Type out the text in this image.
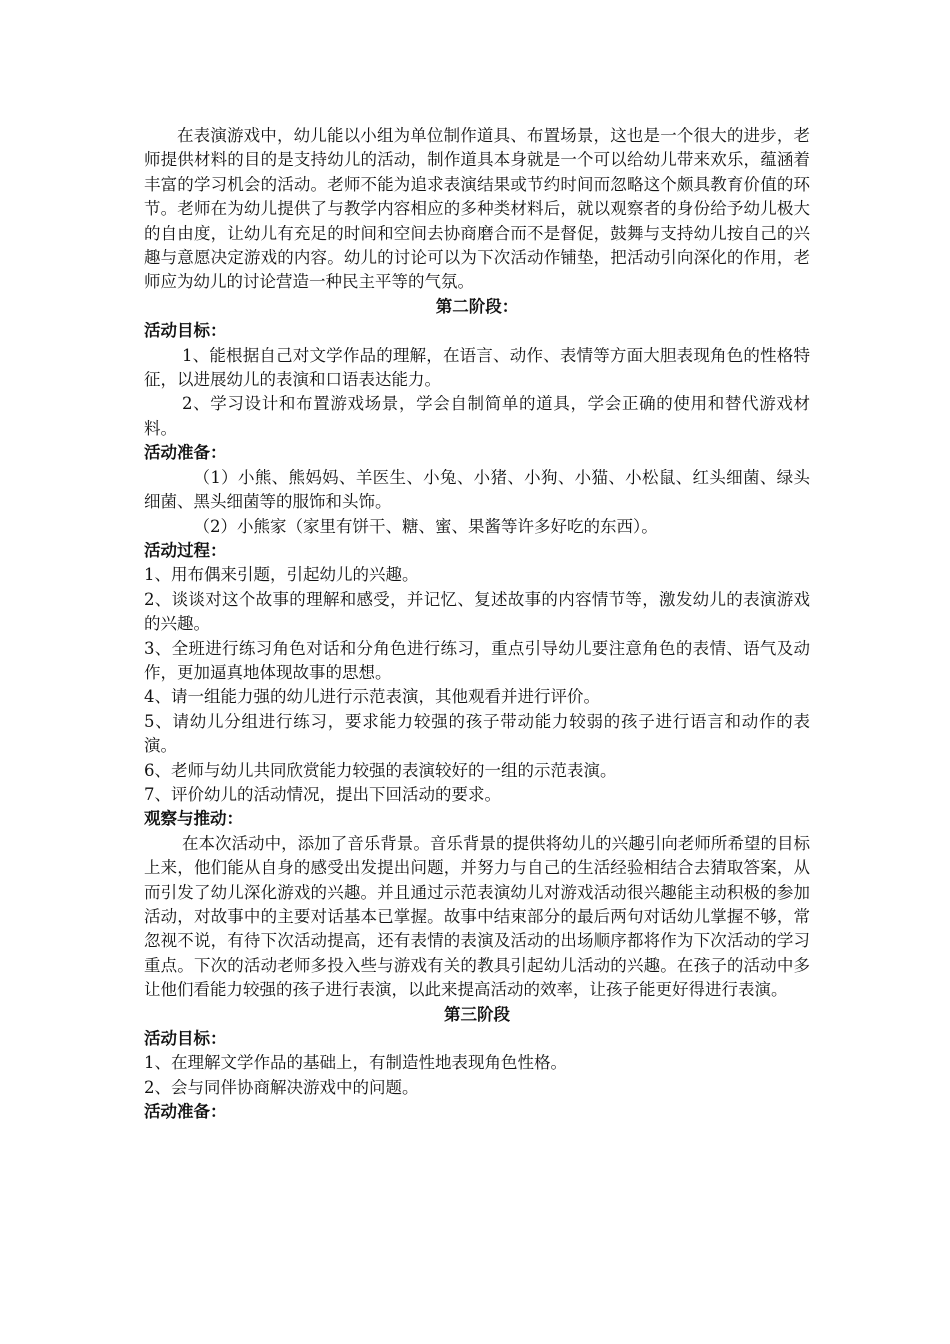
在表演游戏中，幼儿能以小组为单位制作道具、布置场景，这也是一个很大的进步，老师提供材料的目的是支持幼儿的活动，制作道具本身就是一个可以给幼儿带来欢乐，蕴涵着丰富的学习机会的活动。老师不能为追求表演结果或节约时间而忽略这个颇具教育价值的环节。老师在为幼儿提供了与教学内容相应的多种类材料后，就以观察者的身份给予幼儿极大的自由度，让幼儿有充足的时间和空间去协商磨合而不是督促，鼓舞与支持幼儿按自己的兴趣与意愿决定游戏的内容。幼儿的讨论可以为下次活动作铺垫，把活动引向深化的作用，老师应为幼儿的讨论营造一种民主平等的气氛。

第二阶段：
活动目标：

1、能根据自己对文学作品的理解，在语言、动作、表情等方面大胆表现角色的性格特征，以进展幼儿的表演和口语表达能力。

2、学习设计和布置游戏场景，学会自制简单的道具，学会正确的使用和替代游戏材料。

活动准备：

（1）小熊、熊妈妈、羊医生、小兔、小猪、小狗、小猫、小松鼠、红头细菌、绿头细菌、黑头细菌等的服饰和头饰。

（2）小熊家（家里有饼干、糖、蜜、果酱等许多好吃的东西）。

活动过程：

1、用布偶来引题，引起幼儿的兴趣。

2、谈谈对这个故事的理解和感受，并记忆、复述故事的内容情节等，激发幼儿的表演游戏的兴趣。

3、全班进行练习角色对话和分角色进行练习，重点引导幼儿要注意角色的表情、语气及动作，更加逼真地体现故事的思想。

4、请一组能力强的幼儿进行示范表演，其他观看并进行评价。

5、请幼儿分组进行练习，要求能力较强的孩子带动能力较弱的孩子进行语言和动作的表演。

6、老师与幼儿共同欣赏能力较强的表演较好的一组的示范表演。

7、评价幼儿的活动情况，提出下回活动的要求。

观察与推动：

在本次活动中，添加了音乐背景。音乐背景的提供将幼儿的兴趣引向老师所希望的目标上来，他们能从自身的感受出发提出问题，并努力与自己的生活经验相结合去猜取答案，从而引发了幼儿深化游戏的兴趣。并且通过示范表演幼儿对游戏活动很兴趣能主动积极的参加活动，对故事中的主要对话基本已掌握。故事中结束部分的最后两句对话幼儿掌握不够，常忽视不说，有待下次活动提高，还有表情的表演及活动的出场顺序都将作为下次活动的学习重点。下次的活动老师多投入些与游戏有关的教具引起幼儿活动的兴趣。在孩子的活动中多让他们看能力较强的孩子进行表演，以此来提高活动的效率，让孩子能更好得进行表演。

第三阶段
活动目标：

1、在理解文学作品的基础上，有制造性地表现角色性格。

2、会与同伴协商解决游戏中的问题。

活动准备：
